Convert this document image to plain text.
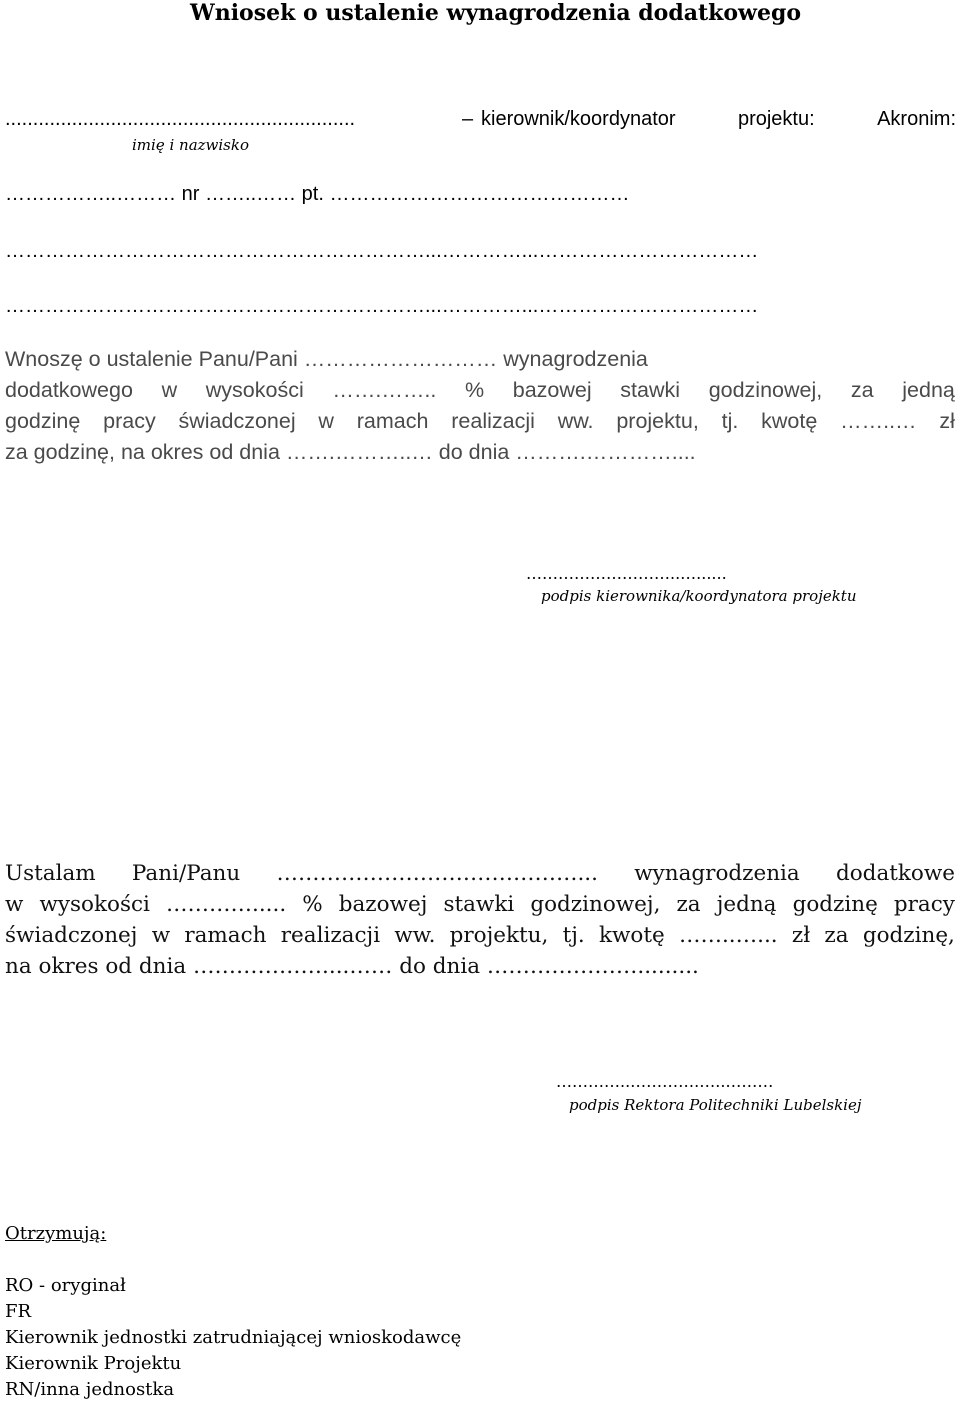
Wniosek o ustalenie wynagrodzenia dodatkowego
...............................................................	– kierownik/koordynator	projektu:	Akronim:
imię i nazwisko
……………..……… nr ……..…… pt. ………………………………………
………………………………………………………...…………...……………………………
………………………………………………………...…………...……………………………
Wnoszę o ustalenie Panu/Pani ……………………… wynagrodzenia
dodatkowego w wysokości …….…….. % bazowej stawki godzinowej, za jedną
godzinę pracy świadczonej w ramach realizacji ww. projektu, tj. kwotę ……..… zł
za godzinę, na okres od dnia …….………..… do dnia ……….…………....
………………………..…......
podpis kierownika/koordynatora projektu
Ustalam Pani/Panu ……………………………………... wynagrodzenia dodatkowe
w wysokości …………..... % bazowej stawki godzinowej, za jedną godzinę pracy
świadczonej w ramach realizacji ww. projektu, tj. kwotę ……..…... zł za godzinę,
na okres od dnia ………………....…… do dnia ………………….........
…………..………….…..………
podpis Rektora Politechniki Lubelskiej
Otrzymują:
RO - oryginał
FR
Kierownik jednostki zatrudniającej wnioskodawcę
Kierownik Projektu
RN/inna jednostka
